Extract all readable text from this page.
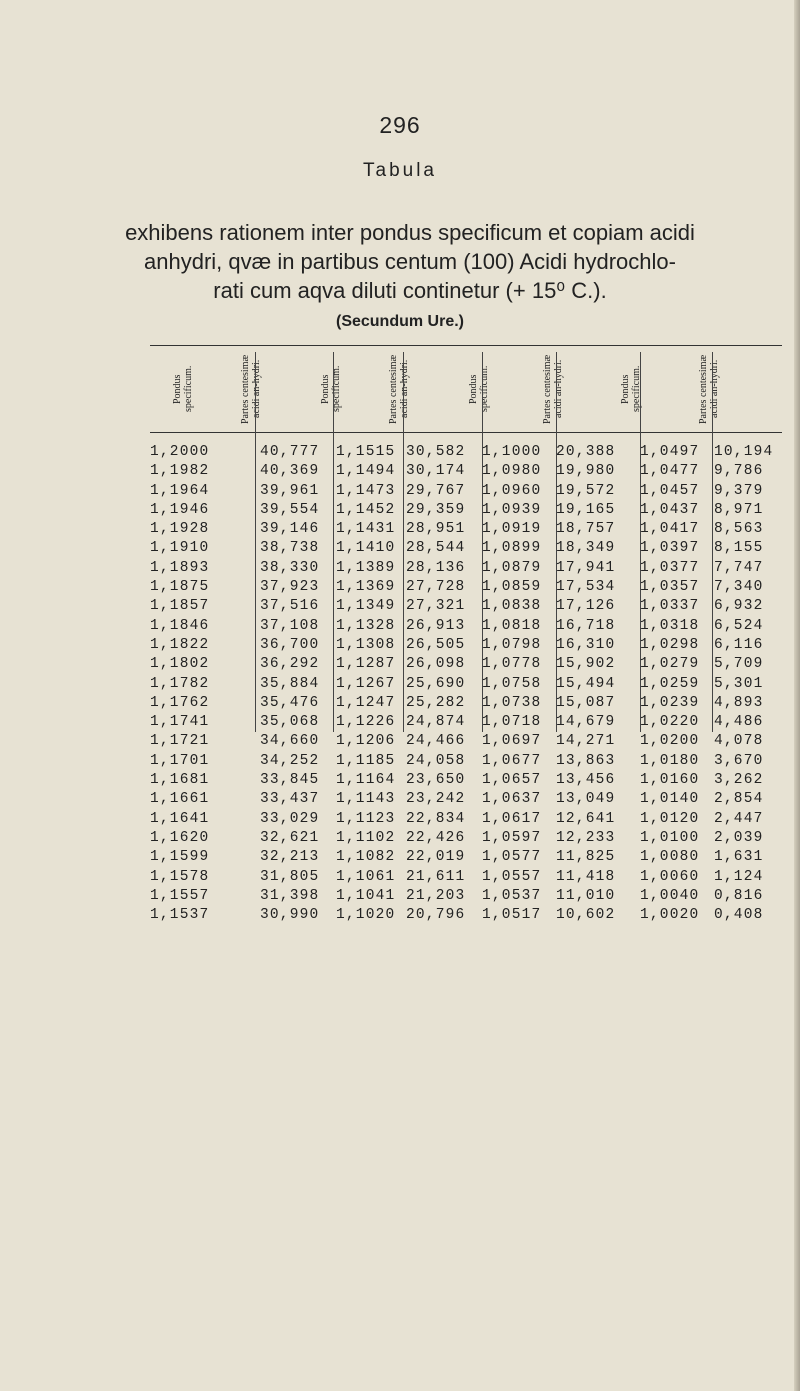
296
Tabula
exhibens rationem inter pondus specificum et copiam acidi
anhydri, qvæ in partibus centum (100) Acidi hydrochlo-
rati cum aqva diluti continetur (+ 15⁰ C.).
(Secundum Ure.)
Pondus specificum.	Partes centesimæ acidi an-hydri.	Pondus specificum.	Partes centesimæ acidi an-hydri.	Pondus specificum.	Partes centesimæ acidi an-hydri.	Pondus specificum.	Partes centesimæ acidi an-hydri.
1,2000	40,777 1,1515 30,582 1,1000 20,388 1,0497 10,194
1,1982	40,369 1,1494 30,174 1,0980 19,980 1,0477 9,786
1,1964	39,961 1,1473 29,767 1,0960 19,572 1,0457 9,379
1,1946	39,554 1,1452 29,359 1,0939 19,165 1,0437 8,971
1,1928	39,146 1,1431 28,951 1,0919 18,757 1,0417 8,563
1,1910	38,738 1,1410 28,544 1,0899 18,349 1,0397 8,155
1,1893	38,330 1,1389 28,136 1,0879 17,941 1,0377 7,747
1,1875	37,923 1,1369 27,728 1,0859 17,534 1,0357 7,340
1,1857	37,516 1,1349 27,321 1,0838 17,126 1,0337 6,932
1,1846	37,108 1,1328 26,913 1,0818 16,718 1,0318 6,524
1,1822	36,700 1,1308 26,505 1,0798 16,310 1,0298 6,116
1,1802	36,292 1,1287 26,098 1,0778 15,902 1,0279 5,709
1,1782	35,884 1,1267 25,690 1,0758 15,494 1,0259 5,301
1,1762	35,476 1,1247 25,282 1,0738 15,087 1,0239 4,893
1,1741	35,068 1,1226 24,874 1,0718 14,679 1,0220 4,486
1,1721	34,660 1,1206 24,466 1,0697 14,271 1,0200 4,078
1,1701	34,252 1,1185 24,058 1,0677 13,863 1,0180 3,670
1,1681	33,845 1,1164 23,650 1,0657 13,456 1,0160 3,262
1,1661	33,437 1,1143 23,242 1,0637 13,049 1,0140 2,854
1,1641	33,029 1,1123 22,834 1,0617 12,641 1,0120 2,447
1,1620	32,621 1,1102 22,426 1,0597 12,233 1,0100 2,039
1,1599	32,213 1,1082 22,019 1,0577 11,825 1,0080 1,631
1,1578	31,805 1,1061 21,611 1,0557 11,418 1,0060 1,124
1,1557	31,398 1,1041 21,203 1,0537 11,010 1,0040 0,816
1,1537	30,990 1,1020 20,796 1,0517 10,602 1,0020 0,408
